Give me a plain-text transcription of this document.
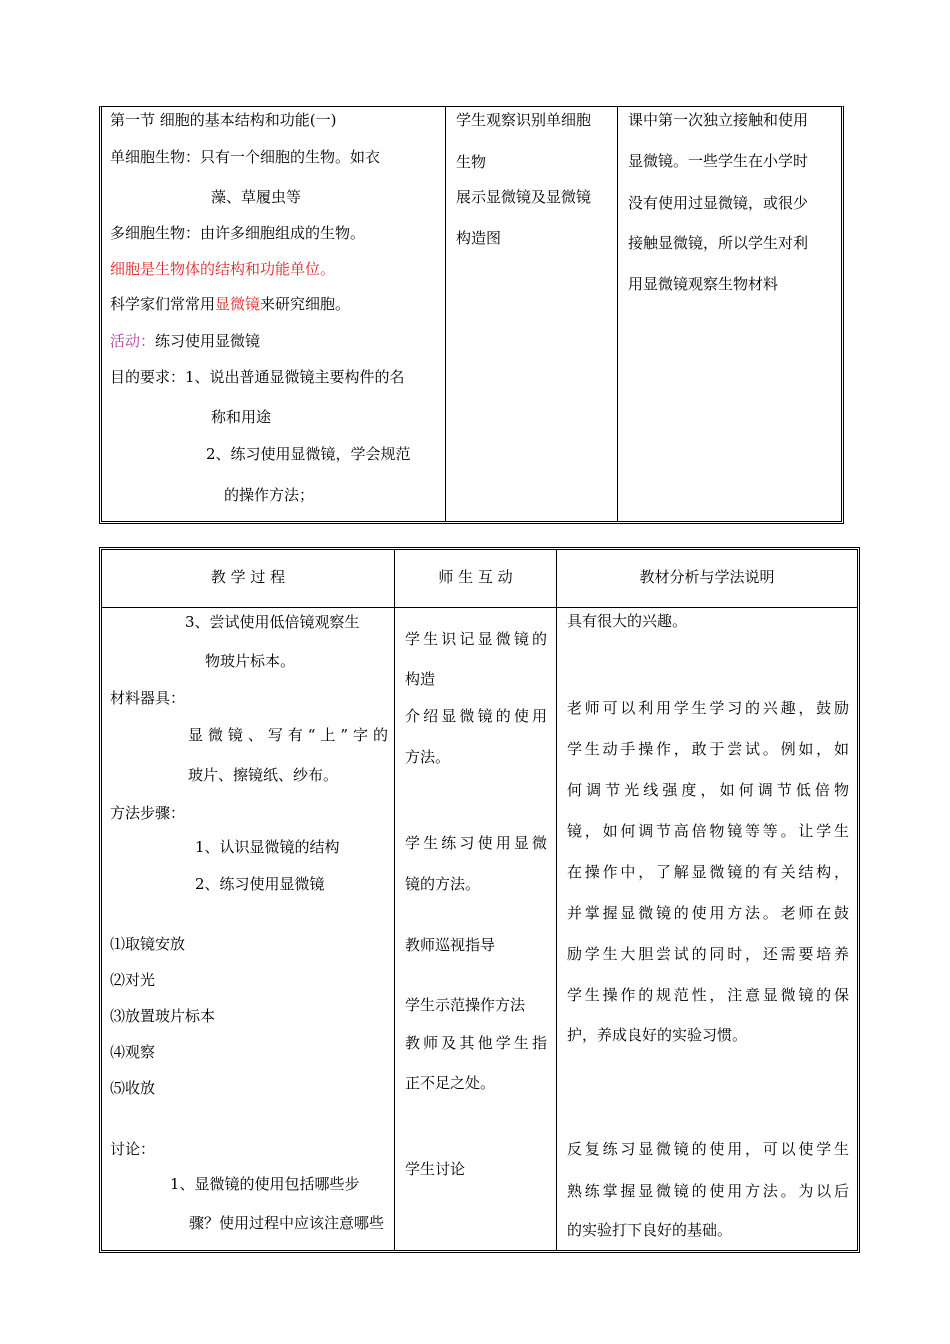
第一节 细胞的基本结构和功能(一)
单细胞生物：只有一个细胞的生物。如衣
藻、草履虫等
多细胞生物：由许多细胞组成的生物。
细胞是生物体的结构和功能单位。
科学家们常常用显微镜来研究细胞。
活动：练习使用显微镜
目的要求：1、说出普通显微镜主要构件的名
称和用途
2、练习使用显微镜，学会规范
的操作方法；
学生观察识别单细胞
生物
展示显微镜及显微镜
构造图
课中第一次独立接触和使用
显微镜。一些学生在小学时
没有使用过显微镜，或很少
接触显微镜，所以学生对利
用显微镜观察生物材料
教 学 过 程	师 生 互 动	教材分析与学法说明
3、尝试使用低倍镜观察生
物玻片标本。
材料器具：
显微镜、写有“上”字的
玻片、擦镜纸、纱布。
方法步骤：
1、认识显微镜的结构
2、练习使用显微镜
⑴取镜安放
⑵对光
⑶放置玻片标本
⑷观察
⑸收放
讨论：
1、显微镜的使用包括哪些步
骤？使用过程中应该注意哪些
学生识记显微镜的
构造
介绍显微镜的使用
方法。
学生练习使用显微
镜的方法。
教师巡视指导
学生示范操作方法
教师及其他学生指
正不足之处。
学生讨论
具有很大的兴趣。
老师可以利用学生学习的兴趣，鼓励
学生动手操作，敢于尝试。例如，如
何调节光线强度，如何调节低倍物
镜，如何调节高倍物镜等等。让学生
在操作中，了解显微镜的有关结构，
并掌握显微镜的使用方法。老师在鼓
励学生大胆尝试的同时，还需要培养
学生操作的规范性，注意显微镜的保
护，养成良好的实验习惯。
反复练习显微镜的使用，可以使学生
熟练掌握显微镜的使用方法。为以后
的实验打下良好的基础。
